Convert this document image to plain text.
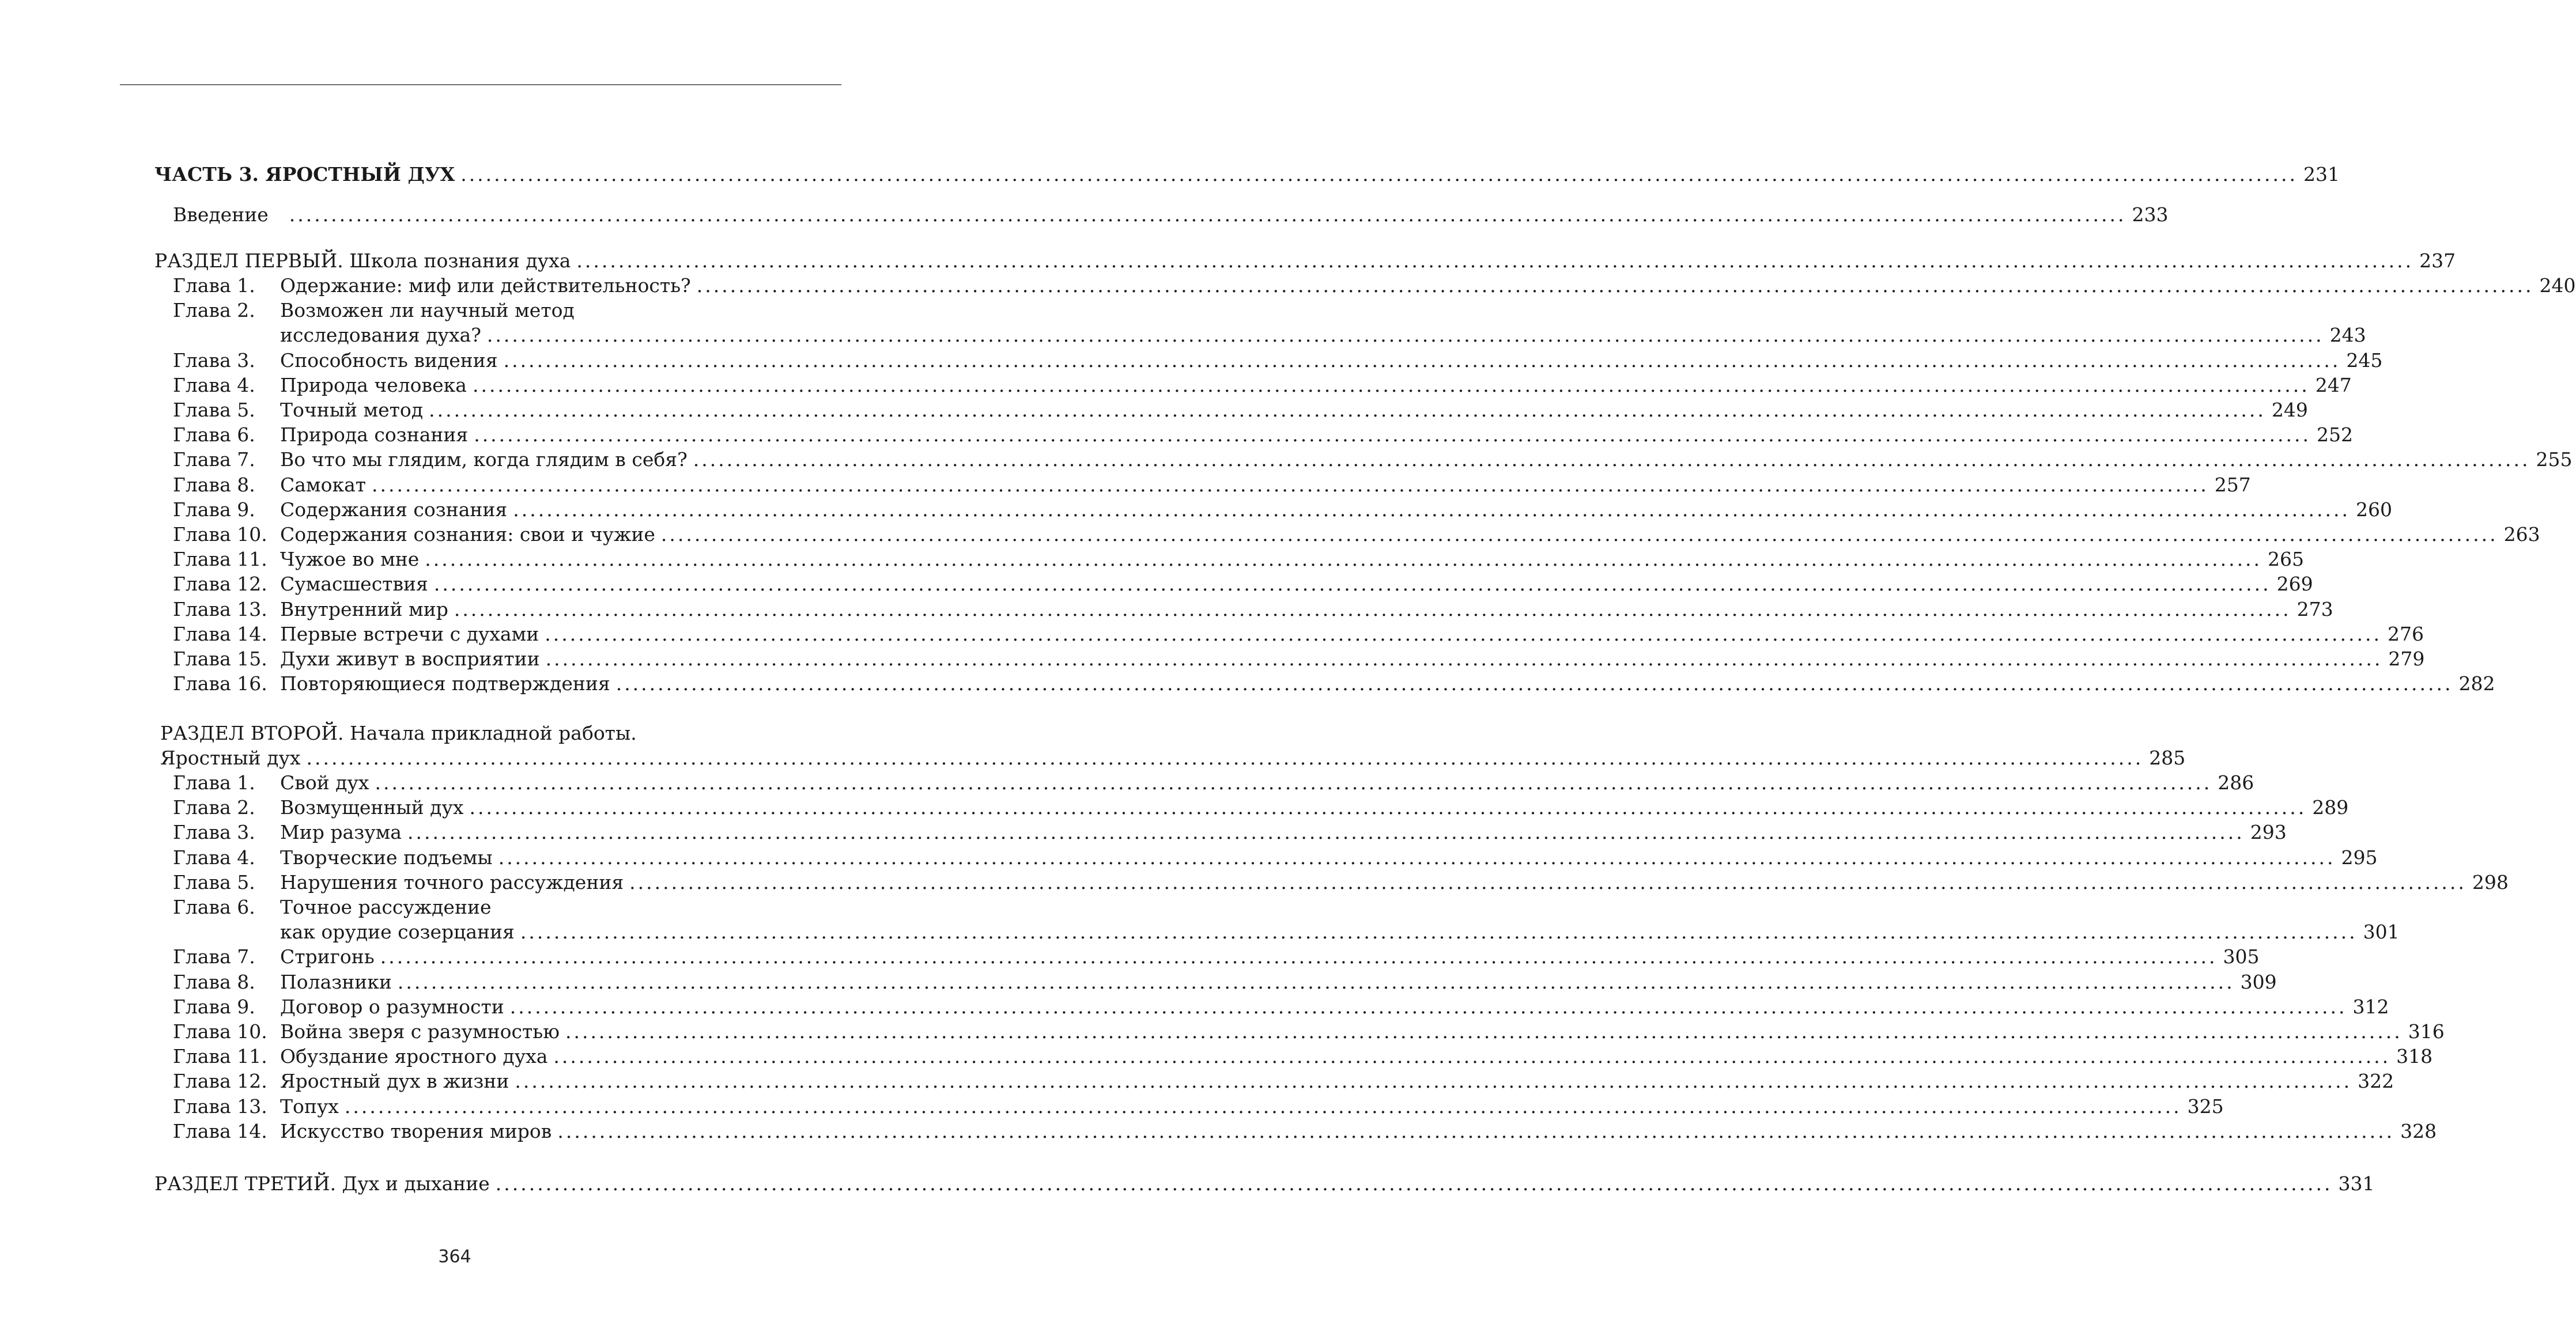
ЧАСТЬ 3. ЯРОСТНЫЙ ДУХ ............................................................................................................................................................................................................................ 231
Введение ............................................................................................................................................................................................................................ 233
РАЗДЕЛ ПЕРВЫЙ. Школа познания духа ............................................................................................................................................................................................................................ 237
Глава 1.	Одержание: миф или действительность? ............................................................................................................................................................................................................................ 240
Глава 2.	Возможен ли научный метод
исследования духа? ............................................................................................................................................................................................................................ 243
Глава 3.	Способность видения ............................................................................................................................................................................................................................ 245
Глава 4.	Природа человека ............................................................................................................................................................................................................................ 247
Глава 5.	Точный метод ............................................................................................................................................................................................................................ 249
Глава 6.	Природа сознания ............................................................................................................................................................................................................................ 252
Глава 7.	Во что мы глядим, когда глядим в себя? ............................................................................................................................................................................................................................ 255
Глава 8.	Самокат ............................................................................................................................................................................................................................ 257
Глава 9.	Содержания сознания ............................................................................................................................................................................................................................ 260
Глава 10. Содержания сознания: свои и чужие ............................................................................................................................................................................................................................ 263
Глава 11. Чужое во мне ............................................................................................................................................................................................................................ 265
Глава 12. Сумасшествия ............................................................................................................................................................................................................................ 269
Глава 13. Внутренний мир ............................................................................................................................................................................................................................ 273
Глава 14. Первые встречи с духами ............................................................................................................................................................................................................................ 276
Глава 15. Духи живут в восприятии ............................................................................................................................................................................................................................ 279
Глава 16. Повторяющиеся подтверждения ............................................................................................................................................................................................................................ 282
РАЗДЕЛ ВТОРОЙ. Начала прикладной работы.
Яростный дух ............................................................................................................................................................................................................................ 285
Глава 1.	Свой дух ............................................................................................................................................................................................................................ 286
Глава 2.	Возмущенный дух ............................................................................................................................................................................................................................ 289
Глава 3.	Мир разума ............................................................................................................................................................................................................................ 293
Глава 4.	Творческие подъемы ............................................................................................................................................................................................................................ 295
Глава 5.	Нарушения точного рассуждения ............................................................................................................................................................................................................................ 298
Глава 6.	Точное рассуждение
как орудие созерцания ............................................................................................................................................................................................................................ 301
Глава 7.	Стригонь ............................................................................................................................................................................................................................ 305
Глава 8.	Полазники ............................................................................................................................................................................................................................ 309
Глава 9.	Договор о разумности ............................................................................................................................................................................................................................ 312
Глава 10. Война зверя с разумностью ............................................................................................................................................................................................................................ 316
Глава 11. Обуздание яростного духа ............................................................................................................................................................................................................................ 318
Глава 12. Яростный дух в жизни ............................................................................................................................................................................................................................ 322
Глава 13. Топух ............................................................................................................................................................................................................................ 325
Глава 14. Искусство творения миров ............................................................................................................................................................................................................................ 328
РАЗДЕЛ ТРЕТИЙ. Дух и дыхание ............................................................................................................................................................................................................................ 331
364
